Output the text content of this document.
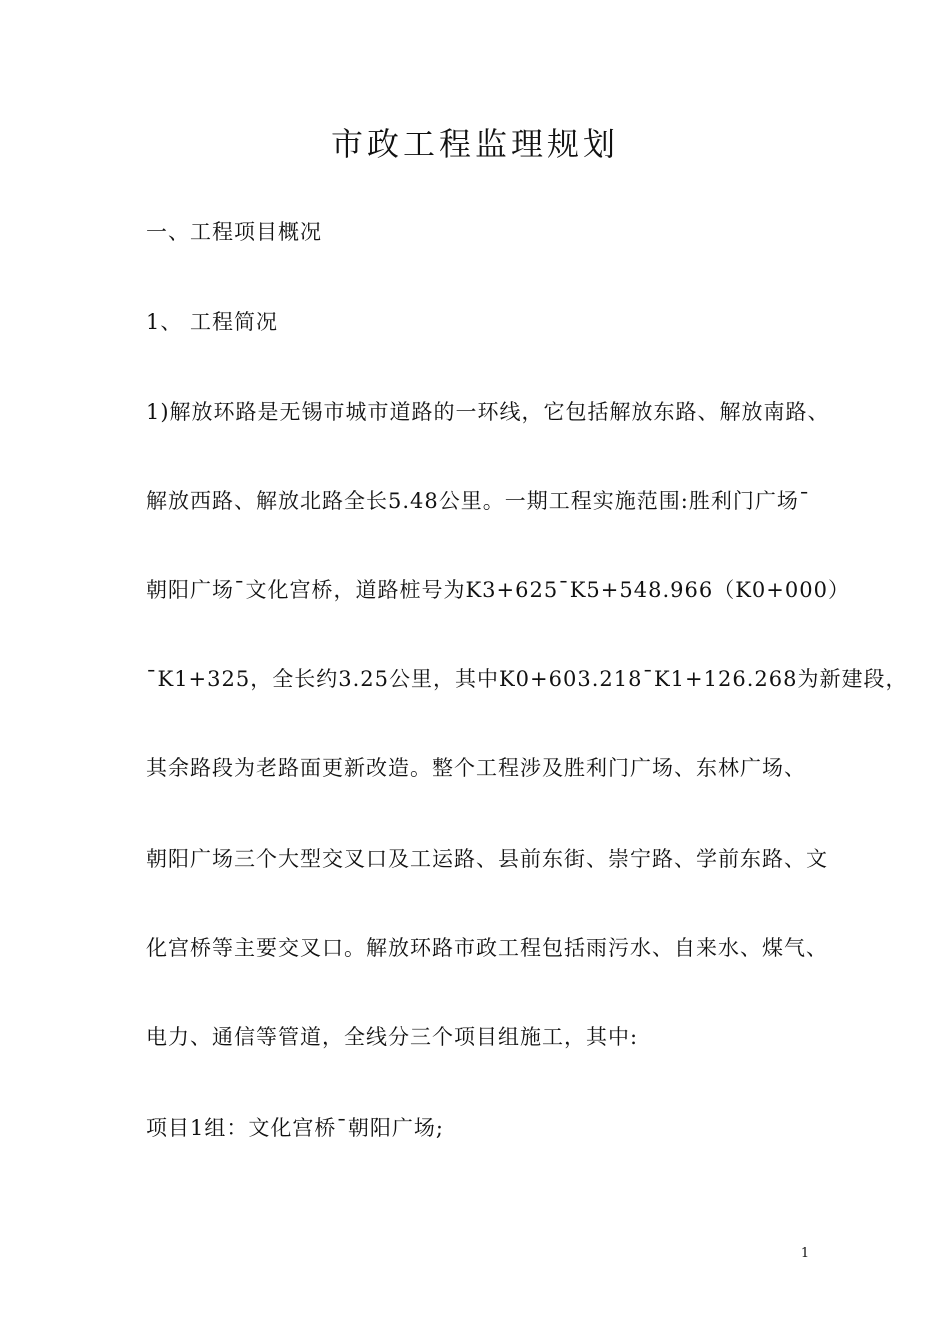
市政工程监理规划
一、工程项目概况
1、 工程简况
1)解放环路是无锡市城市道路的一环线，它包括解放东路、解放南路、
解放西路、解放北路全长5.48公里。一期工程实施范围:胜利门广场¯
朝阳广场¯文化宫桥，道路桩号为K3+625¯K5+548.966（K0+000）
¯K1+325，全长约3.25公里，其中K0+603.218¯K1+126.268为新建段，
其余路段为老路面更新改造。整个工程涉及胜利门广场、东林广场、
朝阳广场三个大型交叉口及工运路、县前东街、崇宁路、学前东路、文
化宫桥等主要交叉口。解放环路市政工程包括雨污水、自来水、煤气、
电力、通信等管道，全线分三个项目组施工，其中:
项目1组：文化宫桥¯朝阳广场;
1
